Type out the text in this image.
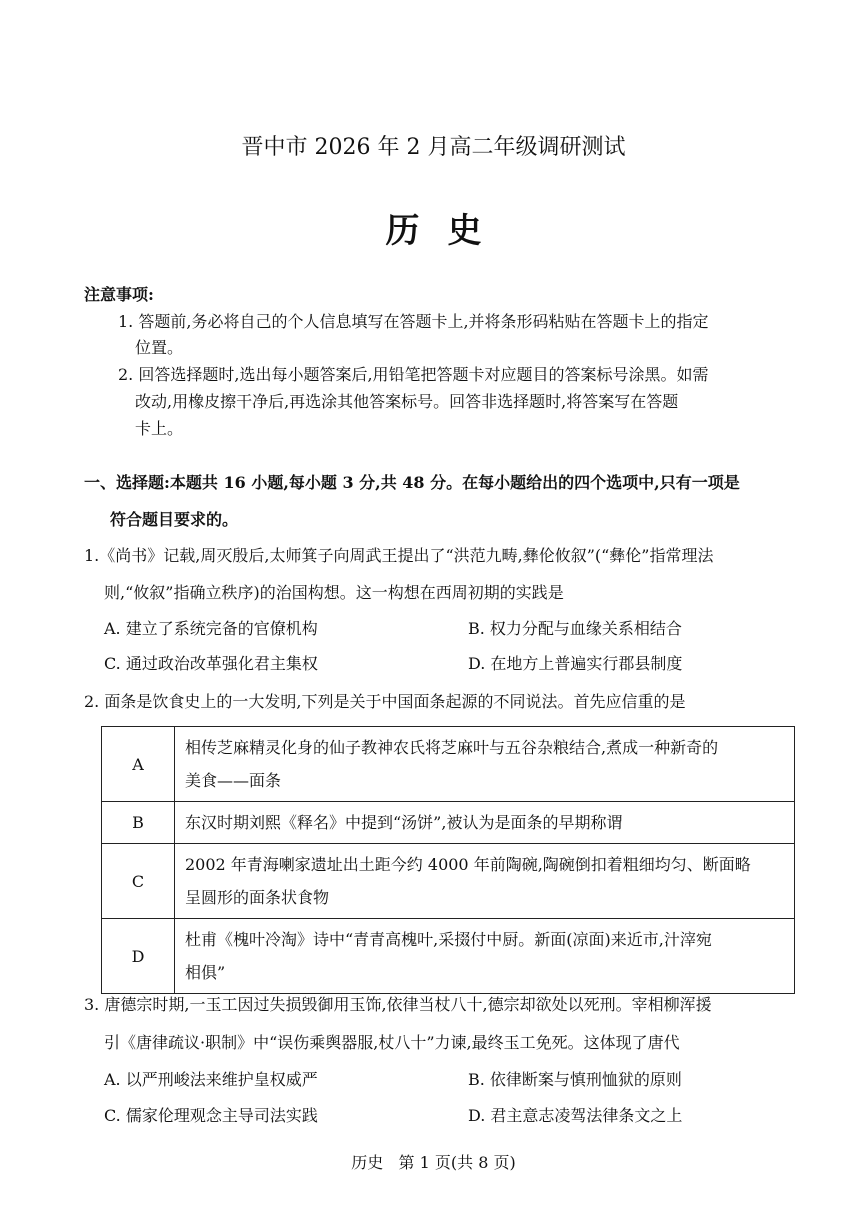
晋中市 2026 年 2 月高二年级调研测试
历史
注意事项:
1. 答题前,务必将自己的个人信息填写在答题卡上,并将条形码粘贴在答题卡上的指定
位置。
2. 回答选择题时,选出每小题答案后,用铅笔把答题卡对应题目的答案标号涂黑。如需
改动,用橡皮擦干净后,再选涂其他答案标号。回答非选择题时,将答案写在答题
卡上。
一、选择题:本题共 16 小题,每小题 3 分,共 48 分。在每小题给出的四个选项中,只有一项是
符合题目要求的。
1.《尚书》记载,周灭殷后,太师箕子向周武王提出了“洪范九畴,彝伦攸叙”(“彝伦”指常理法
则,“攸叙”指确立秩序)的治国构想。这一构想在西周初期的实践是
A. 建立了系统完备的官僚机构	B. 权力分配与血缘关系相结合
C. 通过政治改革强化君主集权	D. 在地方上普遍实行郡县制度
2. 面条是饮食史上的一大发明,下列是关于中国面条起源的不同说法。首先应信重的是
A	相传芝麻精灵化身的仙子教神农氏将芝麻叶与五谷杂粮结合,煮成一种新奇的
美食——面条

B	东汉时期刘熙《释名》中提到“汤饼”,被认为是面条的早期称谓

C	2002 年青海喇家遗址出土距今约 4000 年前陶碗,陶碗倒扣着粗细均匀、断面略
呈圆形的面条状食物

D	杜甫《槐叶冷淘》诗中“青青高槐叶,采掇付中厨。新面(凉面)来近市,汁滓宛
相俱”
3. 唐德宗时期,一玉工因过失损毁御用玉饰,依律当杖八十,德宗却欲处以死刑。宰相柳浑援
引《唐律疏议·职制》中“误伤乘舆器服,杖八十”力谏,最终玉工免死。这体现了唐代
A. 以严刑峻法来维护皇权威严	B. 依律断案与慎刑恤狱的原则
C. 儒家伦理观念主导司法实践	D. 君主意志凌驾法律条文之上
历史   第 1 页(共 8 页)
